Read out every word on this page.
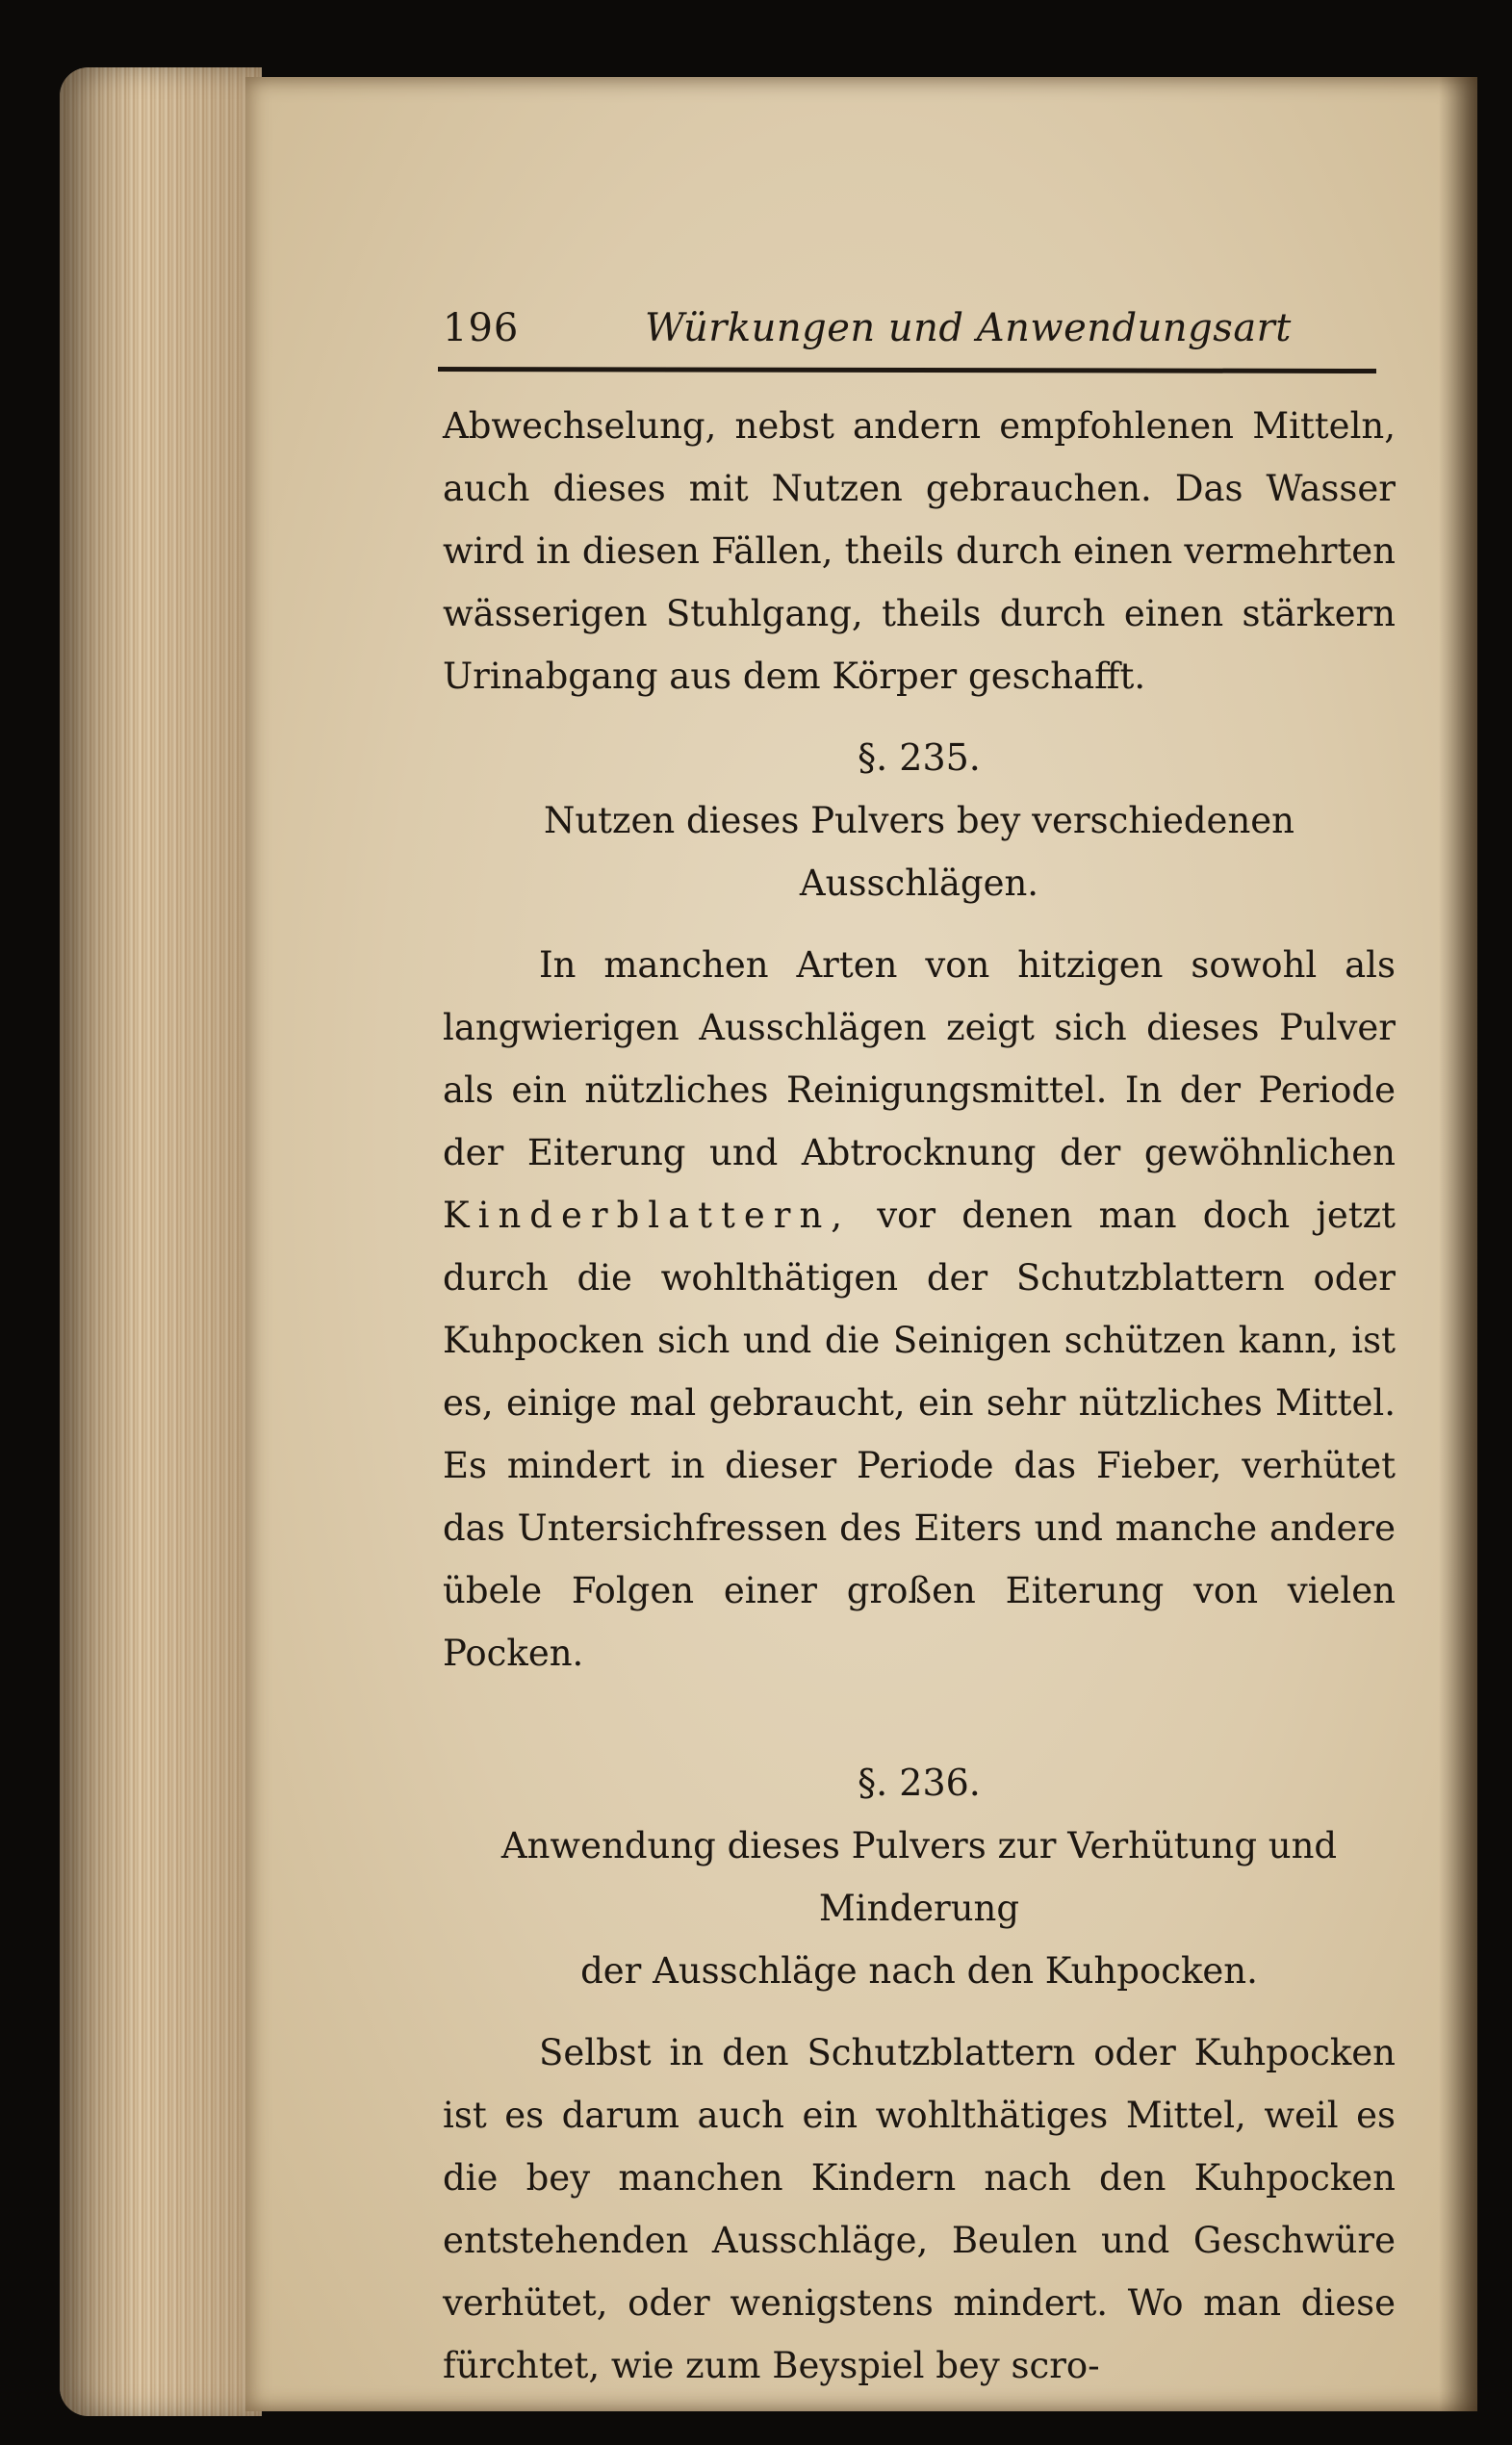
196	Würkungen und Anwendungsart

Abwechselung, nebst andern empfohlenen Mitteln, auch dieses mit Nutzen gebrauchen. Das Wasser wird in diesen Fällen, theils durch einen vermehrten wässerigen Stuhlgang, theils durch einen stärkern Urinabgang aus dem Körper geschafft.

§. 235.

Nutzen dieses Pulvers bey verschiedenen Ausschlägen.

In manchen Arten von hitzigen sowohl als langwierigen Ausschlägen zeigt sich dieses Pulver als ein nützliches Reinigungsmittel. In der Periode der Eiterung und Abtrocknung der gewöhnlichen Kinderblattern, vor denen man doch jetzt durch die wohlthätigen der Schutzblattern oder Kuhpocken sich und die Seinigen schützen kann, ist es, einige mal gebraucht, ein sehr nützliches Mittel. Es mindert in dieser Periode das Fieber, verhütet das Untersichfressen des Eiters und manche andere übele Folgen einer großen Eiterung von vielen Pocken.

§. 236.

Anwendung dieses Pulvers zur Verhütung und Minderung

der Ausschläge nach den Kuhpocken.

Selbst in den Schutzblattern oder Kuhpocken ist es darum auch ein wohlthätiges Mittel, weil es die bey manchen Kindern nach den Kuhpocken entstehenden Ausschläge, Beulen und Geschwüre verhütet, oder wenigstens mindert. Wo man diese fürchtet, wie zum Beyspiel bey scro-
